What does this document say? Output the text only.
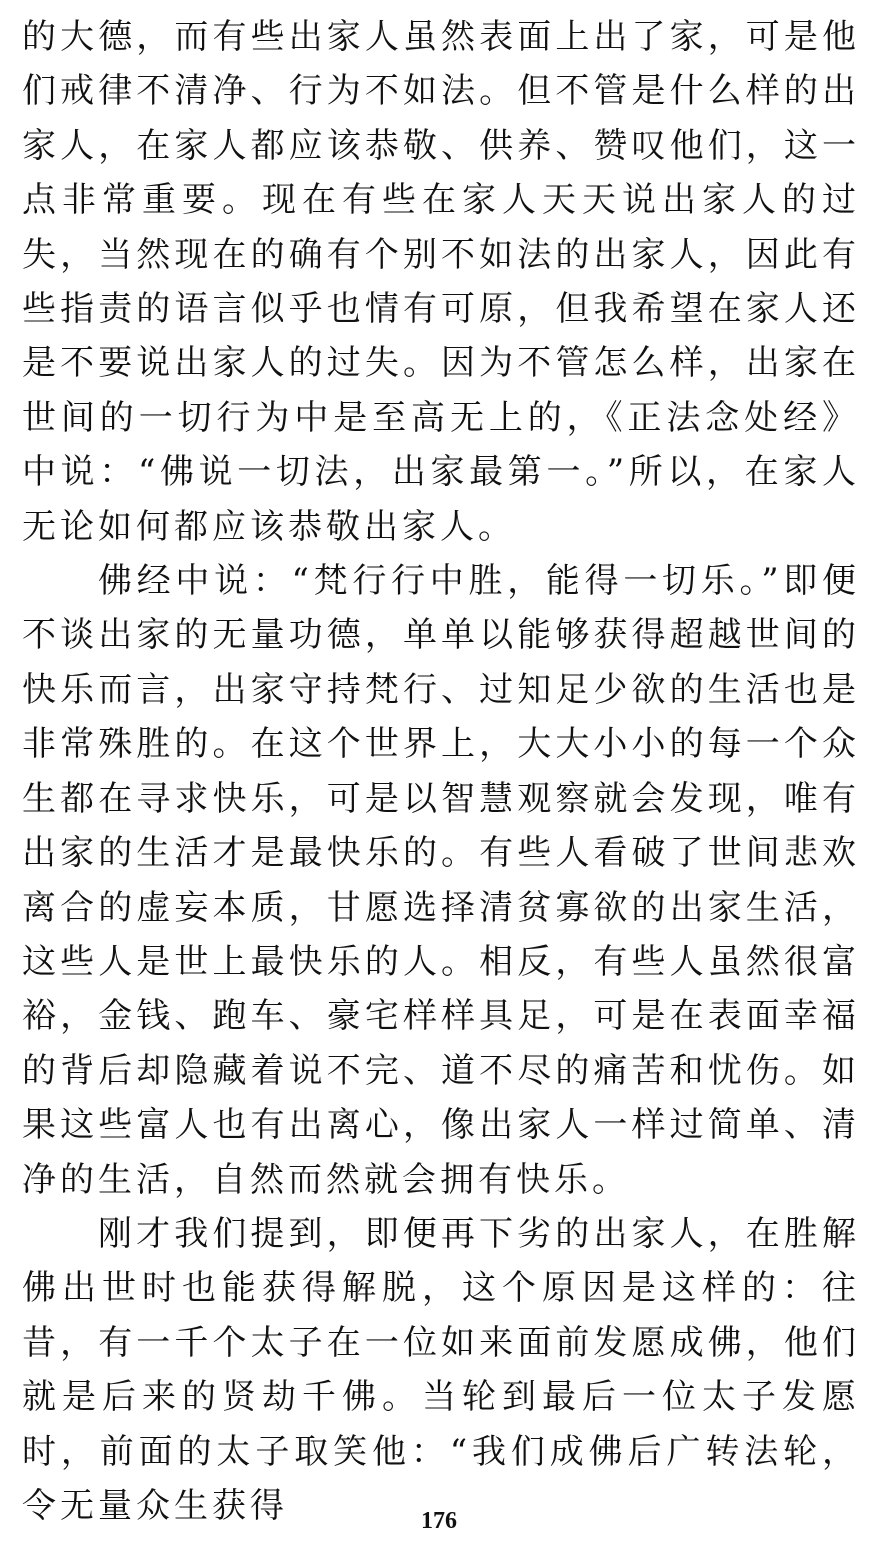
的大德，而有些出家人虽然表面上出了家，可是他们戒律不清净、行为不如法。但不管是什么样的出家人，在家人都应该恭敬、供养、赞叹他们，这一点非常重要。现在有些在家人天天说出家人的过失，当然现在的确有个别不如法的出家人，因此有些指责的语言似乎也情有可原，但我希望在家人还是不要说出家人的过失。因为不管怎么样，出家在世间的一切行为中是至高无上的，《正法念处经》中说：“佛说一切法，出家最第一。”所以，在家人无论如何都应该恭敬出家人。

佛经中说：“梵行行中胜，能得一切乐。”即便不谈出家的无量功德，单单以能够获得超越世间的快乐而言，出家守持梵行、过知足少欲的生活也是非常殊胜的。在这个世界上，大大小小的每一个众生都在寻求快乐，可是以智慧观察就会发现，唯有出家的生活才是最快乐的。有些人看破了世间悲欢离合的虚妄本质，甘愿选择清贫寡欲的出家生活，这些人是世上最快乐的人。相反，有些人虽然很富裕，金钱、跑车、豪宅样样具足，可是在表面幸福的背后却隐藏着说不完、道不尽的痛苦和忧伤。如果这些富人也有出离心，像出家人一样过简单、清净的生活，自然而然就会拥有快乐。

刚才我们提到，即便再下劣的出家人，在胜解佛出世时也能获得解脱，这个原因是这样的：往昔，有一千个太子在一位如来面前发愿成佛，他们就是后来的贤劫千佛。当轮到最后一位太子发愿时，前面的太子取笑他：“我们成佛后广转法轮，令无量众生获得	176
